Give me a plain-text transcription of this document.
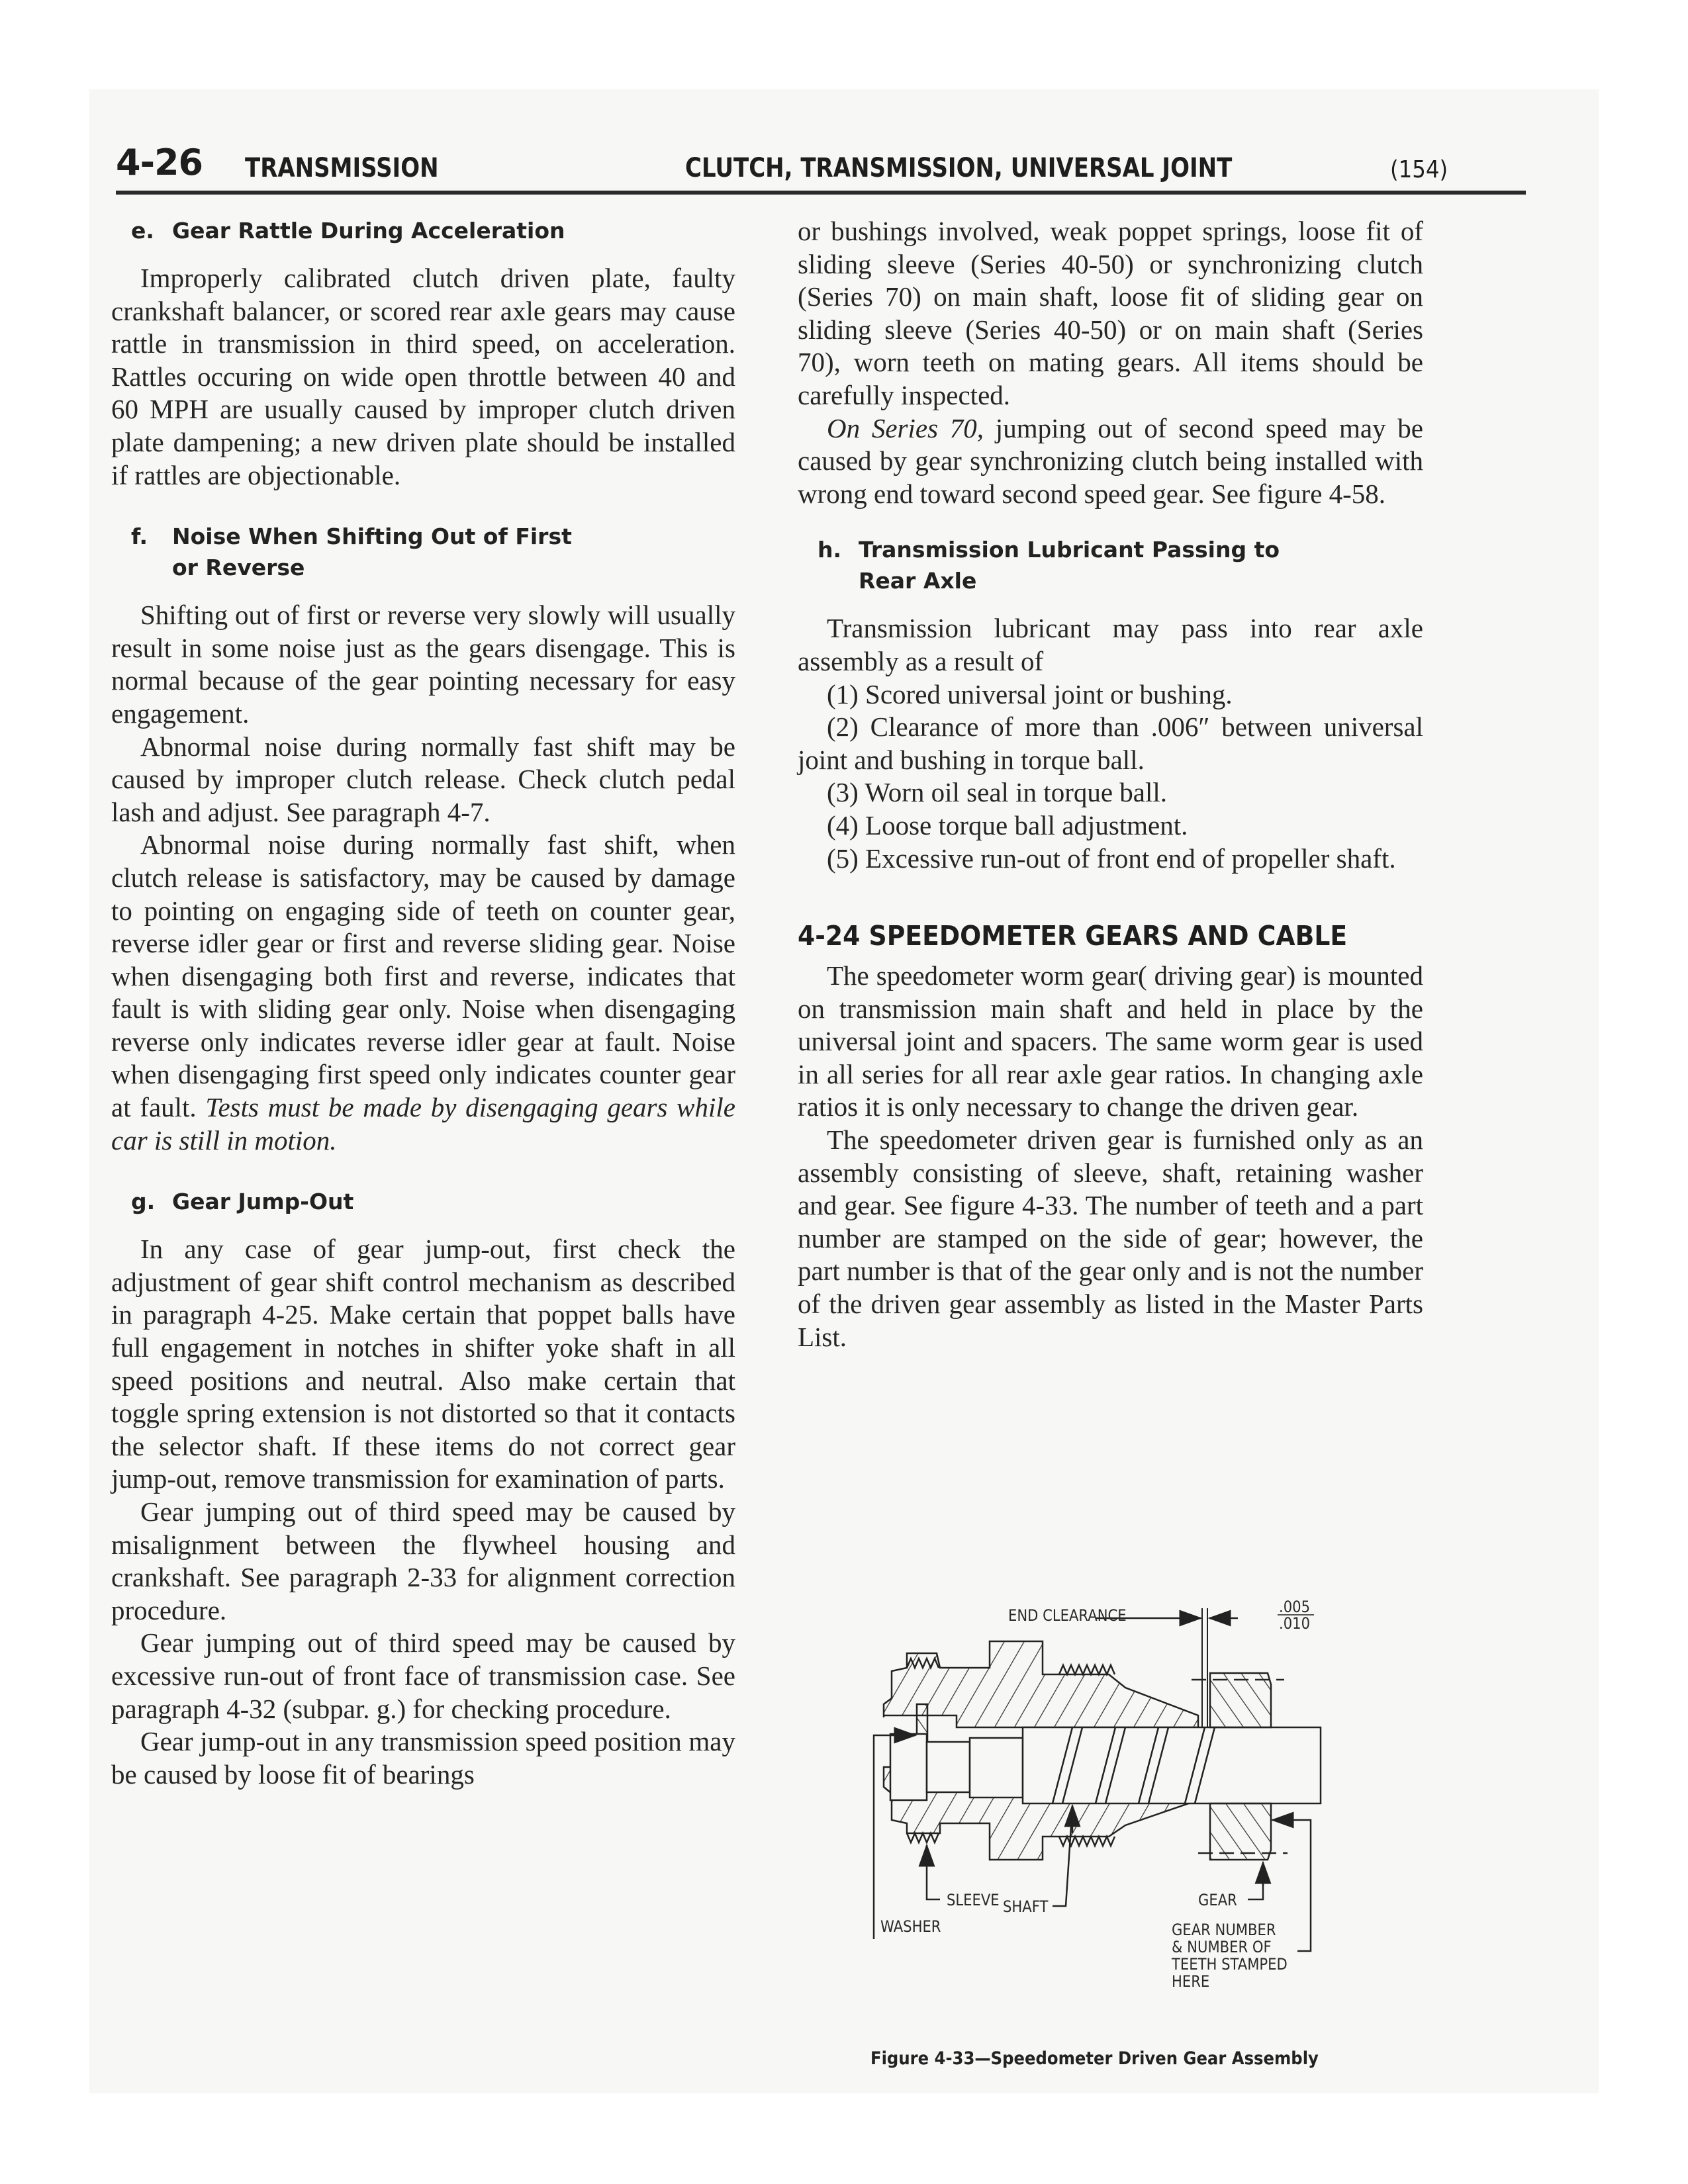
4-26 TRANSMISSION	CLUTCH, TRANSMISSION, UNIVERSAL JOINT	(154)
e. Gear Rattle During Acceleration

Improperly calibrated clutch driven plate, faulty crankshaft balancer, or scored rear axle gears may cause rattle in transmission in third speed, on acceleration. Rattles occuring on wide open throttle between 40 and 60 MPH are usually caused by improper clutch driven plate dampening; a new driven plate should be installed if rattles are objectionable.

f. Noise When Shifting Out of First
or Reverse

Shifting out of first or reverse very slowly will usually result in some noise just as the gears disengage. This is normal because of the gear pointing necessary for easy engagement.

Abnormal noise during normally fast shift may be caused by improper clutch release. Check clutch pedal lash and adjust. See paragraph 4-7.

Abnormal noise during normally fast shift, when clutch release is satisfactory, may be caused by damage to pointing on engaging side of teeth on counter gear, reverse idler gear or first and reverse sliding gear. Noise when disengaging both first and reverse, indicates that fault is with sliding gear only. Noise when disengaging reverse only indicates reverse idler gear at fault. Noise when disengaging first speed only indicates counter gear at fault. Tests must be made by disengaging gears while car is still in motion.

g. Gear Jump-Out

In any case of gear jump-out, first check the adjustment of gear shift control mechanism as described in paragraph 4-25. Make certain that poppet balls have full engagement in notches in shifter yoke shaft in all speed positions and neutral. Also make certain that toggle spring extension is not distorted so that it contacts the selector shaft. If these items do not correct gear jump-out, remove transmission for examination of parts.

Gear jumping out of third speed may be caused by misalignment between the flywheel housing and crankshaft. See paragraph 2-33 for alignment correction procedure.

Gear jumping out of third speed may be caused by excessive run-out of front face of transmission case. See paragraph 4-32 (subpar. g.) for checking procedure.

Gear jump-out in any transmission speed position may be caused by loose fit of bearings

or bushings involved, weak poppet springs, loose fit of sliding sleeve (Series 40-50) or synchronizing clutch (Series 70) on main shaft, loose fit of sliding gear on sliding sleeve (Series 40-50) or on main shaft (Series 70), worn teeth on mating gears. All items should be carefully inspected.

On Series 70, jumping out of second speed may be caused by gear synchronizing clutch being installed with wrong end toward second speed gear. See figure 4-58.

h. Transmission Lubricant Passing to
Rear Axle

Transmission lubricant may pass into rear axle assembly as a result of

(1) Scored universal joint or bushing.

(2) Clearance of more than .006″ between universal joint and bushing in torque ball.

(3) Worn oil seal in torque ball.

(4) Loose torque ball adjustment.

(5) Excessive run-out of front end of propeller shaft.

4-24 SPEEDOMETER GEARS AND CABLE

The speedometer worm gear( driving gear) is mounted on transmission main shaft and held in place by the universal joint and spacers. The same worm gear is used in all series for all rear axle gear ratios. In changing axle ratios it is only necessary to change the driven gear.

The speedometer driven gear is furnished only as an assembly consisting of sleeve, shaft, retaining washer and gear. See figure 4-33. The number of teeth and a part number are stamped on the side of gear; however, the part number is that of the gear only and is not the number of the driven gear assembly as listed in the Master Parts List.

END CLEARANCE	.005
.010
SLEEVE SHAFT	GEAR
WASHER	GEAR NUMBER
& NUMBER OF
TEETH STAMPED
HERE
Figure 4-33—Speedometer Driven Gear Assembly
